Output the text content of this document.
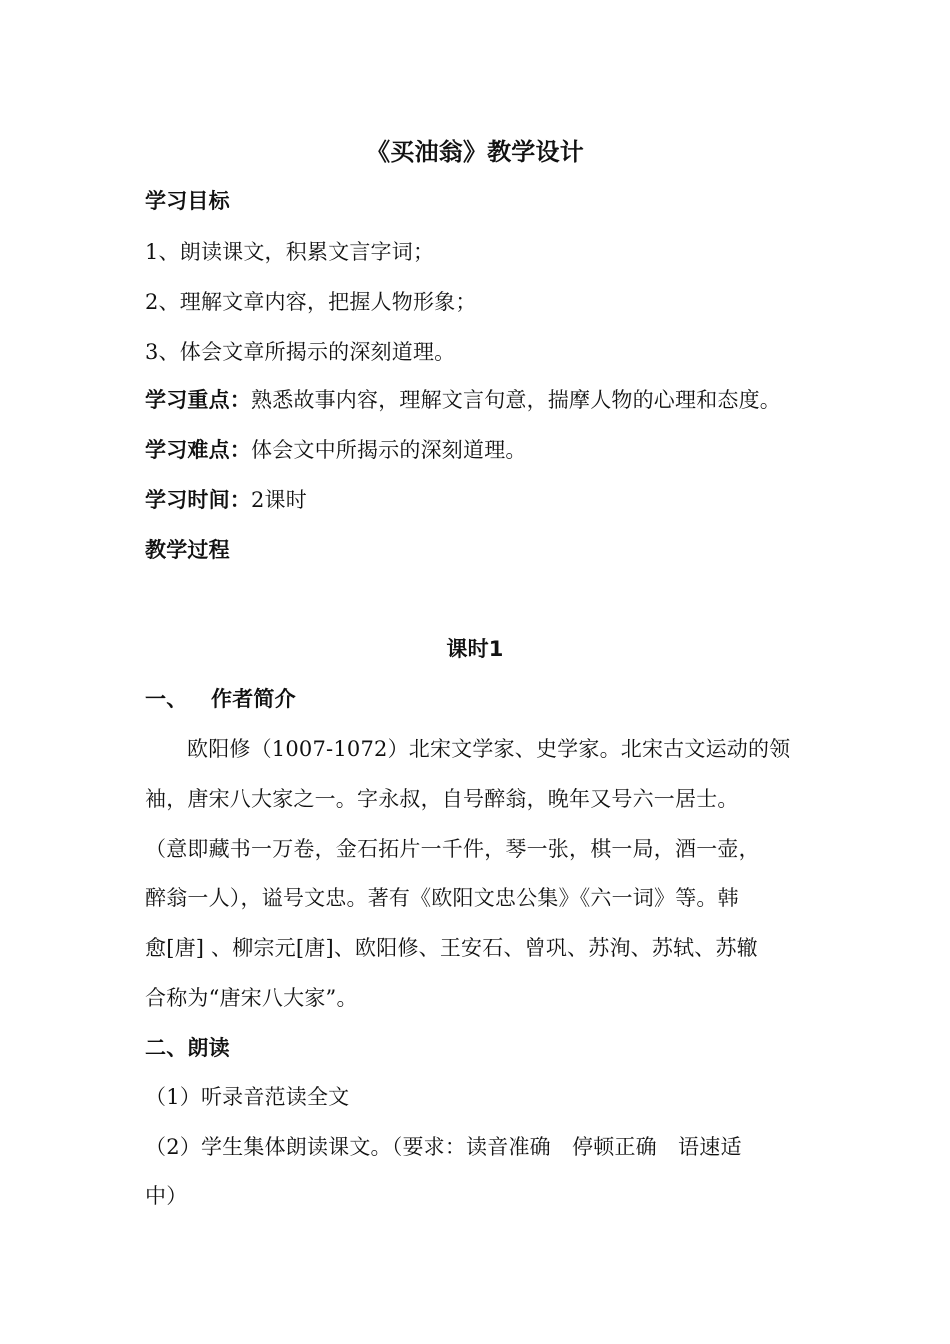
《买油翁》教学设计
学习目标
1、朗读课文，积累文言字词；
2、理解文章内容，把握人物形象；
3、体会文章所揭示的深刻道理。
学习重点：熟悉故事内容，理解文言句意，揣摩人物的心理和态度。
学习难点：体会文中所揭示的深刻道理。
学习时间：2课时
教学过程
课时1
一、 作者简介
欧阳修（1007-1072）北宋文学家、史学家。北宋古文运动的领
袖，唐宋八大家之一。字永叔，自号醉翁，晚年又号六一居士。
（意即藏书一万卷，金石拓片一千件，琴一张，棋一局，酒一壶，
醉翁一人），谥号文忠。著有《欧阳文忠公集》《六一词》等。韩
愈[唐] 、柳宗元[唐]、欧阳修、王安石、曾巩、苏洵、苏轼、苏辙
合称为“唐宋八大家”。
二、朗读
（1）听录音范读全文
（2）学生集体朗读课文。（要求：读音准确　停顿正确　语速适
中）
